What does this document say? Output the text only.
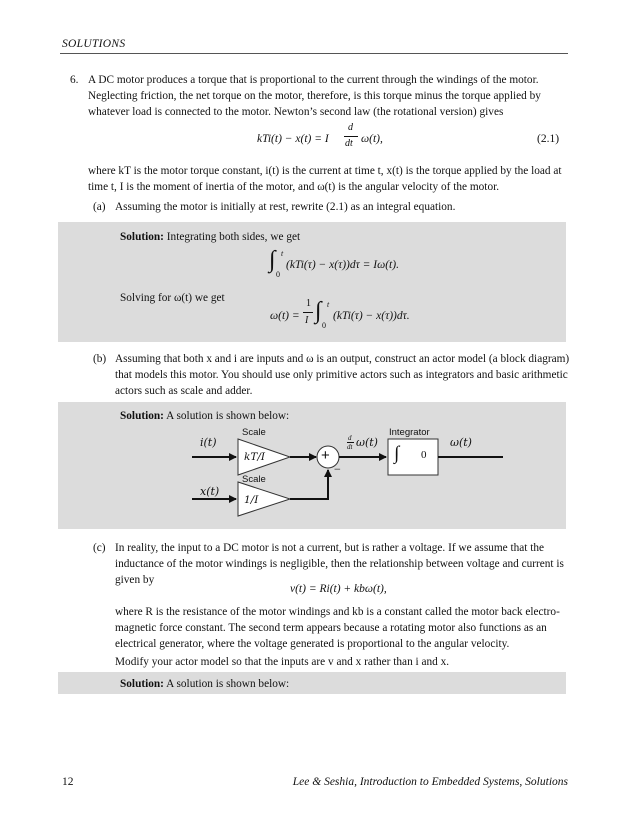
SOLUTIONS
6. A DC motor produces a torque that is proportional to the current through the windings of the motor.
Neglecting friction, the net torque on the motor, therefore, is this torque minus the torque applied by
whatever load is connected to the motor. Newton’s second law (the rotational version) gives
kTi(t) − x(t) = I
d
dt ω(t),	(2.1)
where kT is the motor torque constant, i(t) is the current at time t, x(t) is the torque applied by the load at
time t, I is the moment of inertia of the motor, and ω(t) is the angular velocity of the motor.
(a) Assuming the motor is initially at rest, rewrite (2.1) as an integral equation.
Solution: Integrating both sides, we get
∫ t
0
(kTi(τ) − x(τ))dτ = Iω(t).
Solving for ω(t) we get
ω(t) =
1
I ∫ t
0
(kTi(τ) − x(τ))dτ.
(b) Assuming that both x and i are inputs and ω is an output, construct an actor model (a block diagram)
that models this motor. You should use only primitive actors such as integrators and basic arithmetic
actors such as scale and adder.
Solution: A solution is shown below:
i(t)
Scale
kT/I	+
−
d
dt ω(t)
Integrator
∫ 0
ω(t)
x(t)
Scale
1/I
(c) In reality, the input to a DC motor is not a current, but is rather a voltage. If we assume that the
inductance of the motor windings is negligible, then the relationship between voltage and current is
given by
v(t) = Ri(t) + kbω(t),
where R is the resistance of the motor windings and kb is a constant called the motor back electro-
magnetic force constant. The second term appears because a rotating motor also functions as an
electrical generator, where the voltage generated is proportional to the angular velocity.
Modify your actor model so that the inputs are v and x rather than i and x.
Solution: A solution is shown below:
12	Lee & Seshia, Introduction to Embedded Systems, Solutions
